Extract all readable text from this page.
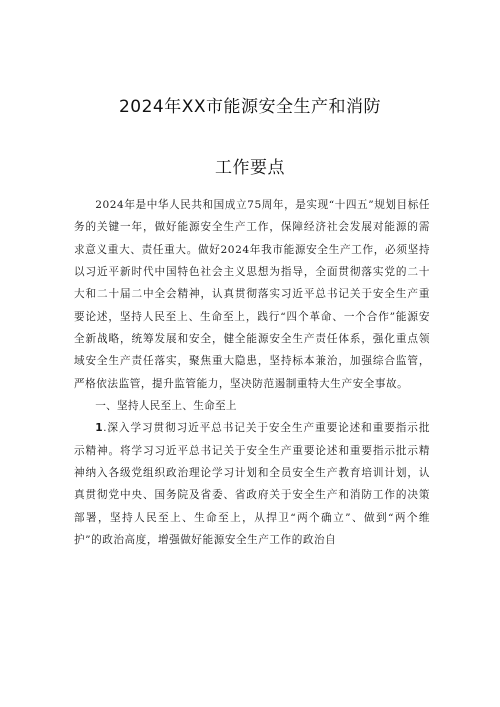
2024年XX市能源安全生产和消防
工作要点

2024年是中华人民共和国成立75周年，是实现“十四五”规划目标任务的关键一年，做好能源安全生产工作，保障经济社会发展对能源的需求意义重大、责任重大。做好2024年我市能源安全生产工作，必须坚持以习近平新时代中国特色社会主义思想为指导，全面贯彻落实党的二十大和二十届二中全会精神，认真贯彻落实习近平总书记关于安全生产重要论述，坚持人民至上、生命至上，践行“四个革命、一个合作”能源安全新战略，统筹发展和安全，健全能源安全生产责任体系，强化重点领域安全生产责任落实，聚焦重大隐患，坚持标本兼治，加强综合监管，严格依法监管，提升监管能力，坚决防范遏制重特大生产安全事故。

一、坚持人民至上、生命至上

1.深入学习贯彻习近平总书记关于安全生产重要论述和重要指示批示精神。将学习习近平总书记关于安全生产重要论述和重要指示批示精神纳入各级党组织政治理论学习计划和全员安全生产教育培训计划，认真贯彻党中央、国务院及省委、省政府关于安全生产和消防工作的决策部署，坚持人民至上、生命至上，从捍卫“两个确立”、做到“两个维护”的政治高度，增强做好能源安全生产工作的政治自
